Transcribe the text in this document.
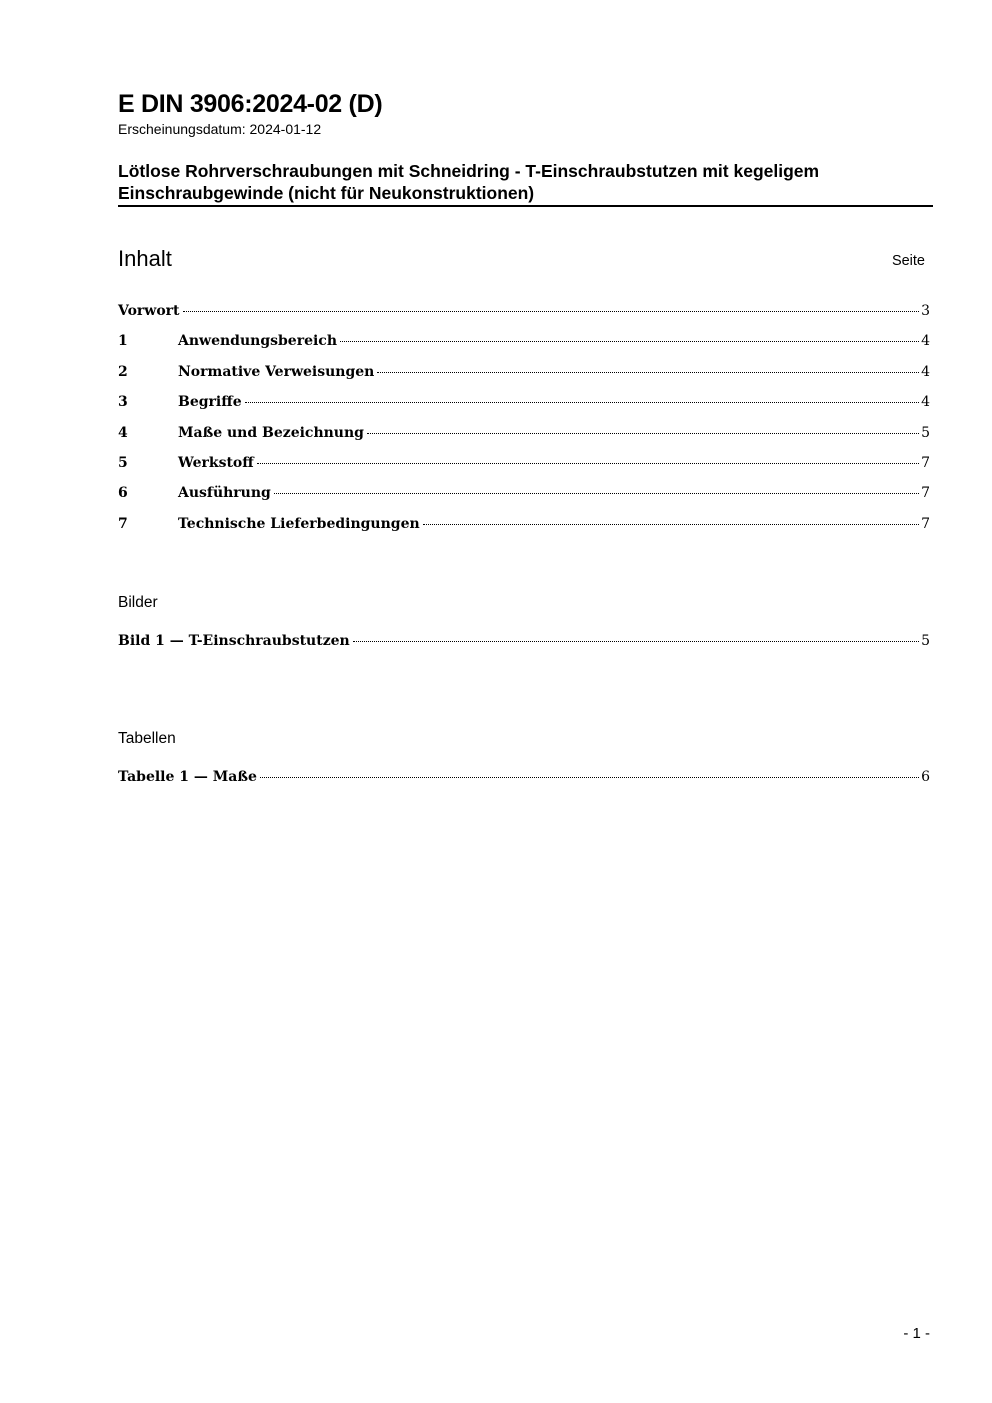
E DIN 3906:2024-02 (D)
Erscheinungsdatum: 2024-01-12
Lötlose Rohrverschraubungen mit Schneidring - T-Einschraubstutzen mit kegeligem Einschraubgewinde (nicht für Neukonstruktionen)
Inhalt	Seite
Vorwort	3
1	Anwendungsbereich	4
2	Normative Verweisungen	4
3	Begriffe	4
4	Maße und Bezeichnung	5
5	Werkstoff	7
6	Ausführung	7
7	Technische Lieferbedingungen	7
Bilder
Bild 1 — T-Einschraubstutzen	5
Tabellen
Tabelle 1 — Maße	6
- 1 -
